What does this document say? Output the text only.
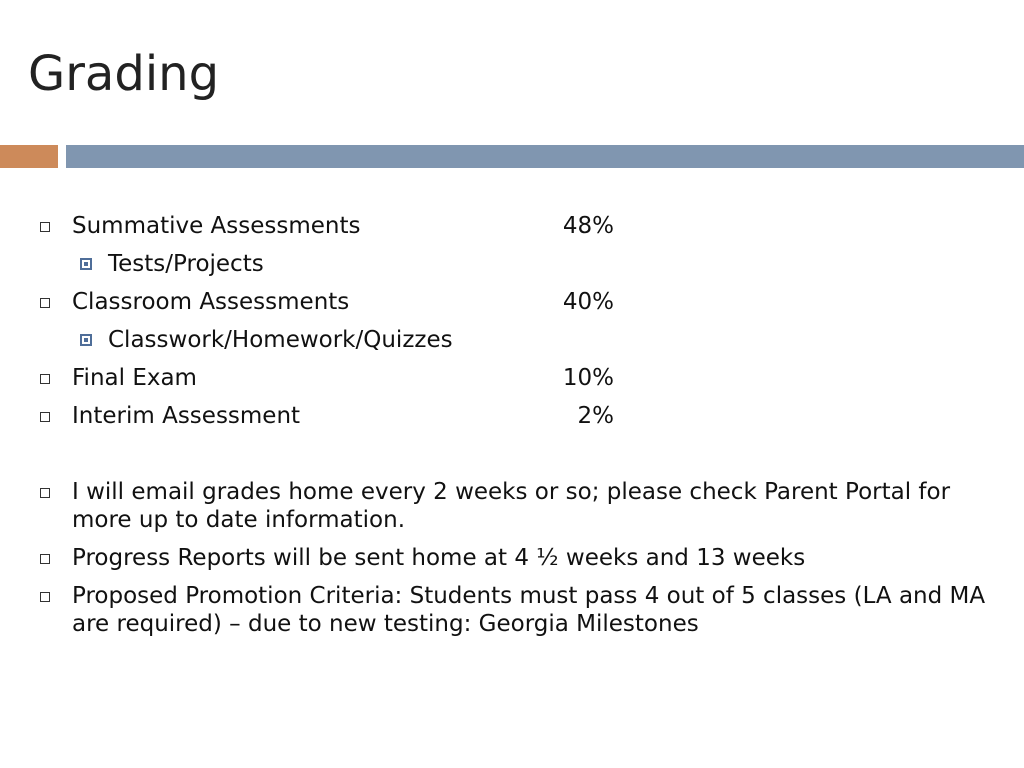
Grading
Summative Assessments	48%
Tests/Projects
Classroom Assessments	40%
Classwork/Homework/Quizzes
Final Exam	10%
Interim Assessment	2%
I will email grades home every 2 weeks or so; please check Parent Portal for more up to date information.
Progress Reports will be sent home at 4 ½ weeks and 13 weeks
Proposed Promotion Criteria: Students must pass 4 out of 5 classes (LA and MA are required) – due to new testing: Georgia Milestones
